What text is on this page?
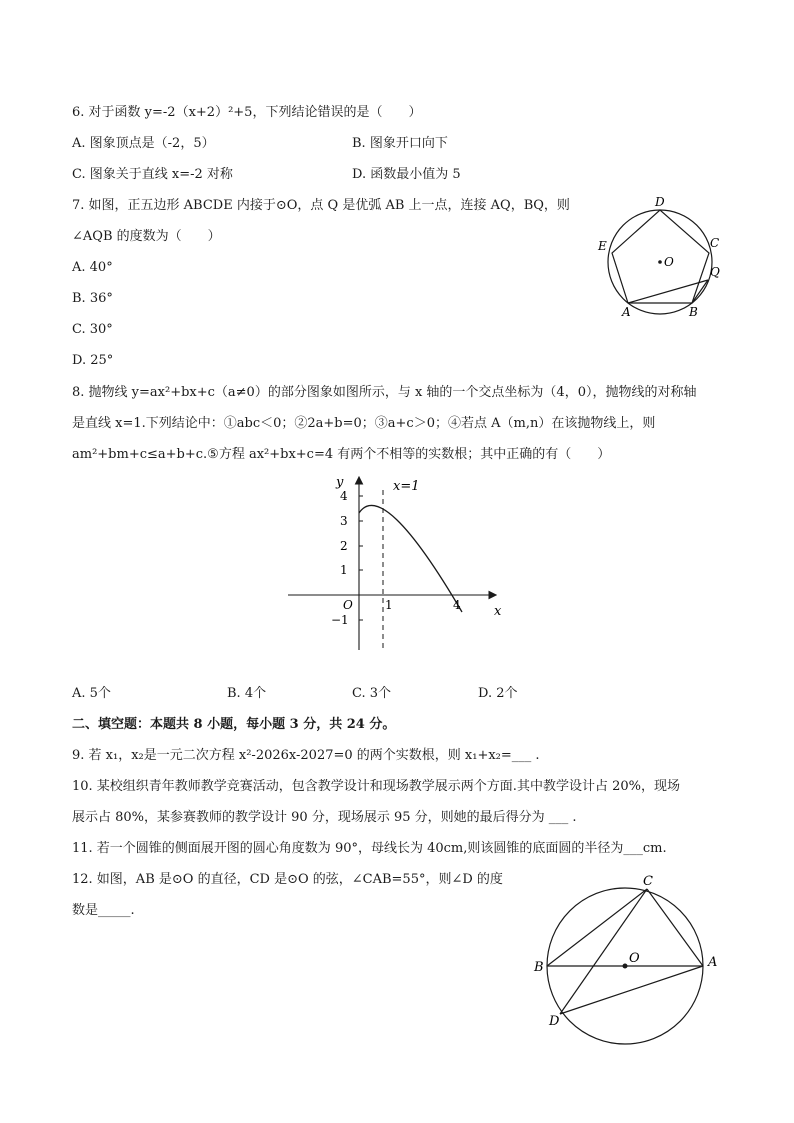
6. 对于函数 y=-2（x+2）²+5，下列结论错误的是（　　）
A. 图象顶点是（-2，5）	B. 图象开口向下
C. 图象关于直线 x=-2 对称	D. 函数最小值为 5
7. 如图，正五边形 ABCDE 内接于⊙O，点 Q 是优弧 AB 上一点，连接 AQ，BQ，则
∠AQB 的度数为（　　）
A. 40°
B. 36°
C. 30°
D. 25°
O
D
E	C
Q
A	B
8. 抛物线 y=ax²+bx+c（a≠0）的部分图象如图所示，与 x 轴的一个交点坐标为（4，0），抛物线的对称轴
是直线 x=1.下列结论中：①abc＜0；②2a+b=0；③a+c＞0；④若点 A（m,n）在该抛物线上，则
am²+bm+c≤a+b+c.⑤方程 ax²+bx+c=4 有两个不相等的实数根；其中正确的有（　　）
y
x
x=1
O
4
3
2
1
−1
1	4
A. 5个	B. 4个	C. 3个	D. 2个
二、填空题：本题共 8 小题，每小题 3 分，共 24 分。
9. 若 x₁，x₂是一元二次方程 x²-2026x-2027=0 的两个实数根，则 x₁+x₂=___ .
10. 某校组织青年教师教学竞赛活动，包含教学设计和现场教学展示两个方面.其中教学设计占 20%，现场
展示占 80%，某参赛教师的教学设计 90 分，现场展示 95 分，则她的最后得分为 ___ .
11. 若一个圆锥的侧面展开图的圆心角度数为 90°，母线长为 40cm,则该圆锥的底面圆的半径为___cm.
12. 如图，AB 是⊙O 的直径，CD 是⊙O 的弦，∠CAB=55°，则∠D 的度
数是_____.
O
C
B	A
D
